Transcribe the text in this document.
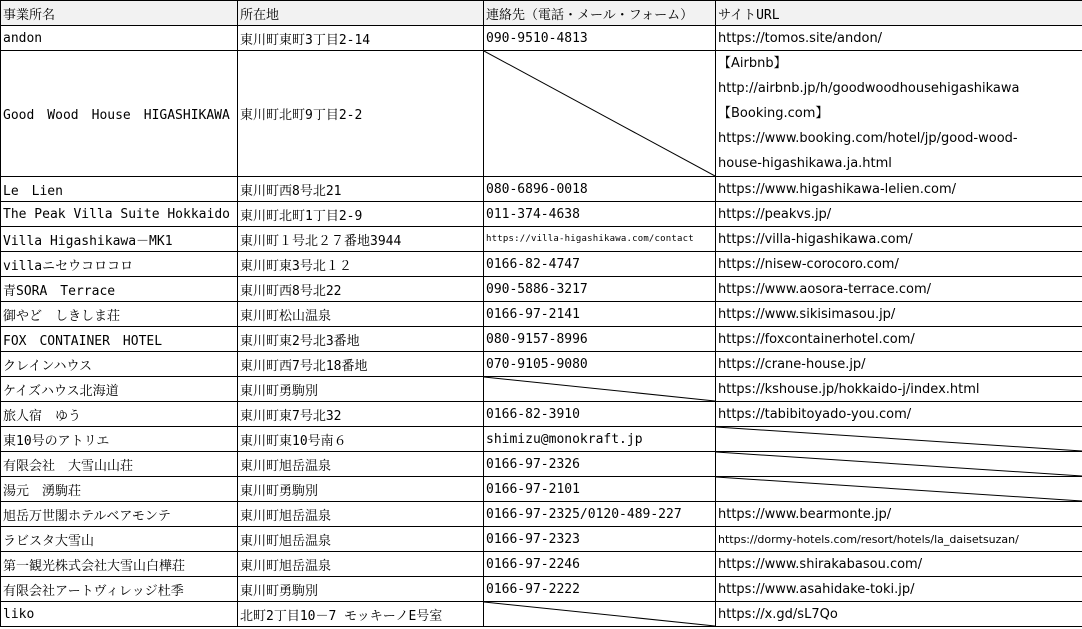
事業所名	所在地	連絡先（電話・メール・フォーム）	サイトURL
andon	東川町東町3丁目2-14	090-9510-4813	https://tomos.site/andon/
Good　Wood　House　HIGASHIKAWA	東川町北町9丁目2-2		【Airbnb】
http://airbnb.jp/h/goodwoodhousehigashikawa
【Booking.com】
https://www.booking.com/hotel/jp/good-wood-
house-higashikawa.ja.html

Le　Lien	東川町西8号北21	080-6896-0018	https://www.higashikawa-lelien.com/
The Peak Villa Suite Hokkaido	東川町北町1丁目2-9	011-374-4638	https://peakvs.jp/
Villa Higashikawa－MK1	東川町１号北２７番地3944	https://villa-higashikawa.com/contact	https://villa-higashikawa.com/
villaニセウコロコロ	東川町東3号北１２	0166-82-4747	https://nisew-corocoro.com/
青SORA　Terrace	東川町西8号北22	090-5886-3217	https://www.aosora-terrace.com/
御やど　しきしま荘	東川町松山温泉	0166-97-2141	https://www.sikisimasou.jp/
FOX　CONTAINER　HOTEL	東川町東2号北3番地	080-9157-8996	https://foxcontainerhotel.com/
クレインハウス	東川町西7号北18番地	070-9105-9080	https://crane-house.jp/
ケイズハウス北海道	東川町勇駒別		https://kshouse.jp/hokkaido-j/index.html
旅人宿　ゆう	東川町東7号北32	0166-82-3910	https://tabibitoyado-you.com/
東10号のアトリエ	東川町東10号南６	shimizu@monokraft.jp	

有限会社　大雪山山荘	東川町旭岳温泉	0166-97-2326	

湯元　湧駒荘	東川町勇駒別	0166-97-2101	

旭岳万世閣ホテルベアモンテ	東川町旭岳温泉	0166-97-2325/0120-489-227	https://www.bearmonte.jp/
ラビスタ大雪山	東川町旭岳温泉	0166-97-2323	https://dormy-hotels.com/resort/hotels/la_daisetsuzan/
第一観光株式会社大雪山白樺荘	東川町旭岳温泉	0166-97-2246	https://www.shirakabasou.com/
有限会社アートヴィレッジ杜季	東川町勇駒別	0166-97-2222	https://www.asahidake-toki.jp/
liko	北町2丁目10－7 モッキーノE号室		https://x.gd/sL7Qo
